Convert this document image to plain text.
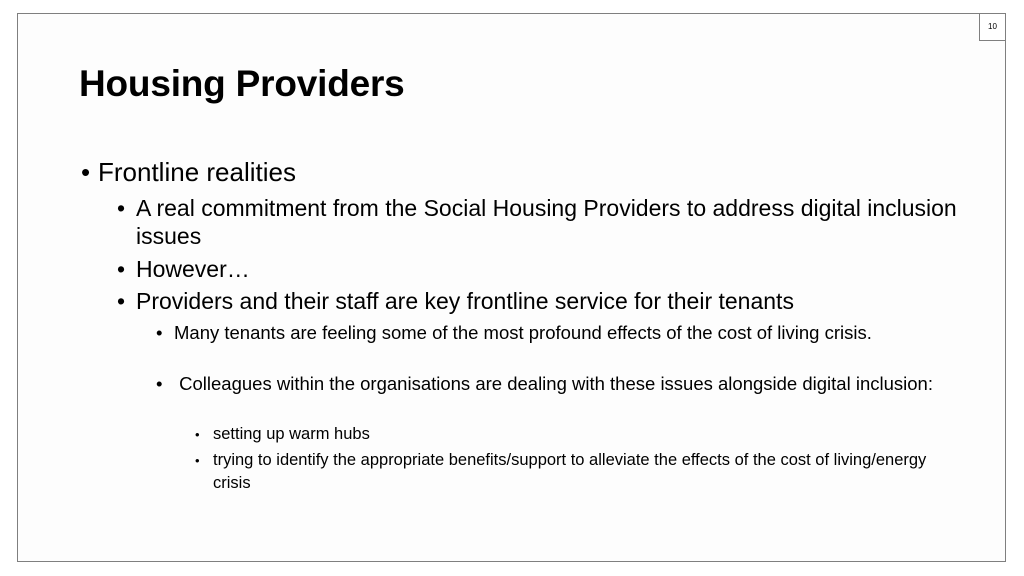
10
Housing Providers
• Frontline realities
• A real commitment from the Social Housing Providers to address digital inclusion issues
• However…
• Providers and their staff are key frontline service for their tenants
• Many tenants are feeling some of the most profound effects of the cost of living crisis.
• Colleagues within the organisations are dealing with these issues alongside digital inclusion:
• setting up warm hubs
• trying to identify the appropriate benefits/support to alleviate the effects of the cost of living/energy crisis
